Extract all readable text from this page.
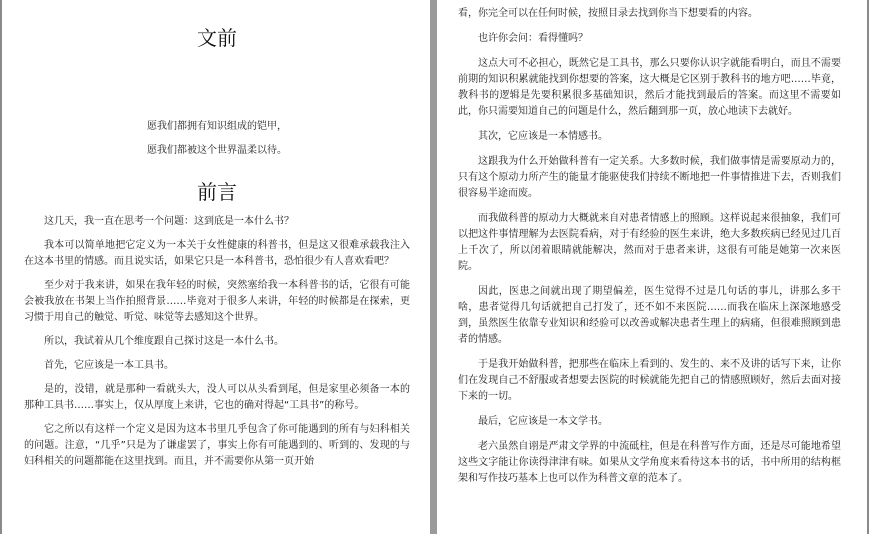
文前
愿我们都拥有知识组成的铠甲，
愿我们都被这个世界温柔以待。
前言

这几天，我一直在思考一个问题：这到底是一本什么书？

我本可以简单地把它定义为一本关于女性健康的科普书，但是这又很难承载我注入在这本书里的情感。而且说实话，如果它只是一本科普书，恐怕很少有人喜欢看吧？

至少对于我来讲，如果在我年轻的时候，突然塞给我一本科普书的话，它很有可能会被我放在书架上当作拍照背景……毕竟对于很多人来讲，年轻的时候都是在探索，更习惯于用自己的触觉、听觉、味觉等去感知这个世界。

所以，我试着从几个维度跟自己探讨这是一本什么书。

首先，它应该是一本工具书。

是的，没错，就是那种一看就头大，没人可以从头看到尾，但是家里必须备一本的那种工具书……事实上，仅从厚度上来讲，它也的确对得起“工具书”的称号。

它之所以有这样一个定义是因为这本书里几乎包含了你可能遇到的所有与妇科相关的问题。注意，“几乎”只是为了谦虚罢了，事实上你有可能遇到的、听到的、发现的与妇科相关的问题都能在这里找到。而且，并不需要你从第一页开始

看，你完全可以在任何时候，按照目录去找到你当下想要看的内容。

也许你会问：看得懂吗？

这点大可不必担心，既然它是工具书，那么只要你认识字就能看明白，而且不需要前期的知识积累就能找到你想要的答案，这大概是它区别于教科书的地方吧……毕竟，教科书的逻辑是先要积累很多基础知识，然后才能找到最后的答案。而这里不需要如此，你只需要知道自己的问题是什么，然后翻到那一页，放心地读下去就好。

其次，它应该是一本情感书。

这跟我为什么开始做科普有一定关系。大多数时候，我们做事情是需要原动力的，只有这个原动力所产生的能量才能驱使我们持续不断地把一件事情推进下去，否则我们很容易半途而废。

而我做科普的原动力大概就来自对患者情感上的照顾。这样说起来很抽象，我们可以把这件事情理解为去医院看病，对于有经验的医生来讲，绝大多数疾病已经见过几百上千次了，所以闭着眼睛就能解决，然而对于患者来讲，这很有可能是她第一次来医院。

因此，医患之间就出现了期望偏差，医生觉得不过是几句话的事儿，讲那么多干啥，患者觉得几句话就把自己打发了，还不如不来医院……而我在临床上深深地感受到，虽然医生依靠专业知识和经验可以改善或解决患者生理上的病痛，但很难照顾到患者的情感。

于是我开始做科普，把那些在临床上看到的、发生的、来不及讲的话写下来，让你们在发现自己不舒服或者想要去医院的时候就能先把自己的情感照顾好，然后去面对接下来的一切。

最后，它应该是一本文学书。

老六虽然自诩是严肃文学界的中流砥柱，但是在科普写作方面，还是尽可能地希望这些文字能让你读得津津有味。如果从文学角度来看待这本书的话，书中所用的结构框架和写作技巧基本上也可以作为科普文章的范本了。
